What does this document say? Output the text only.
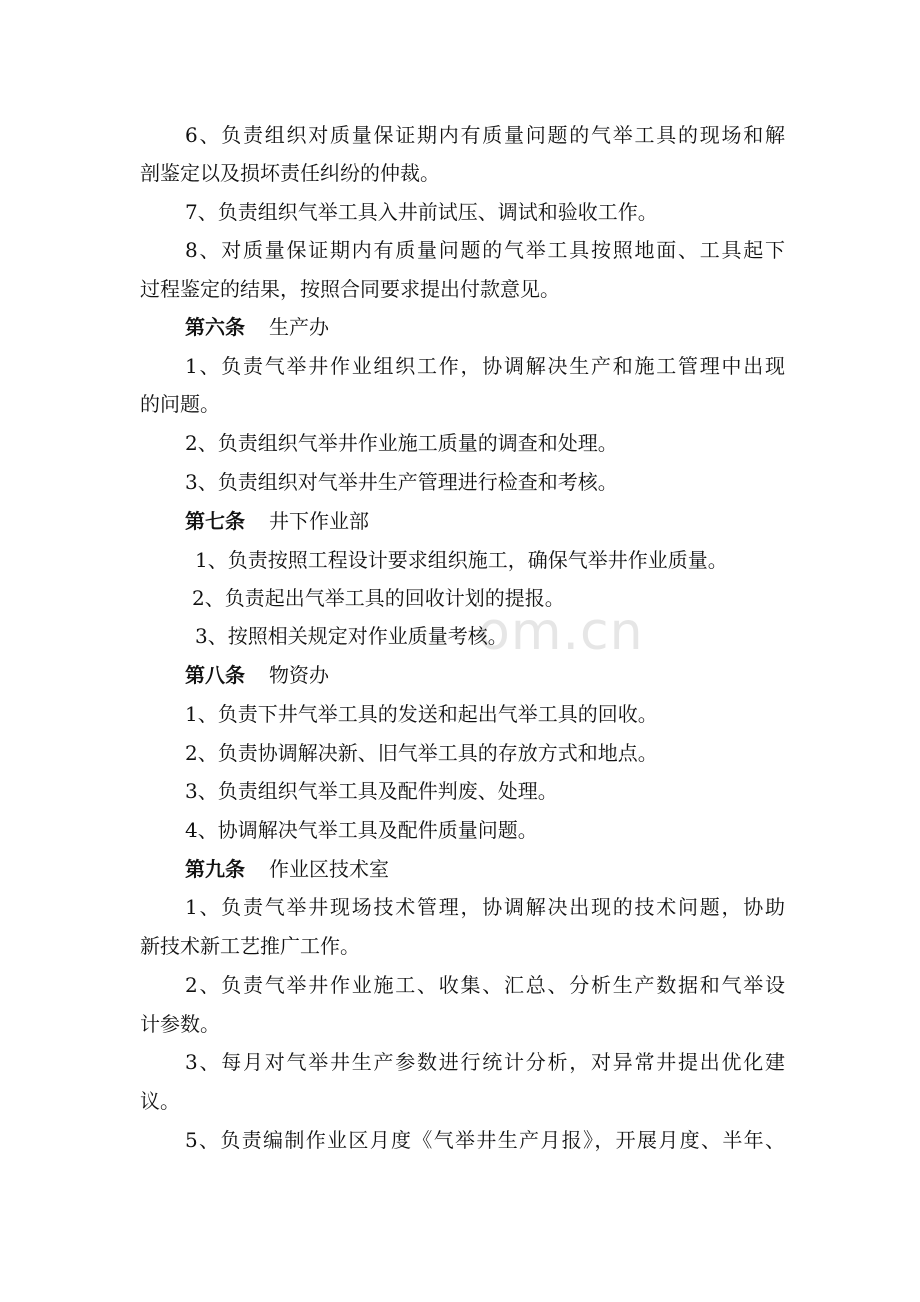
om.cn
6、负责组织对质量保证期内有质量问题的气举工具的现场和解
剖鉴定以及损坏责任纠纷的仲裁。
7、负责组织气举工具入井前试压、调试和验收工作。
8、对质量保证期内有质量问题的气举工具按照地面、工具起下
过程鉴定的结果，按照合同要求提出付款意见。
第六条 生产办
1、负责气举井作业组织工作，协调解决生产和施工管理中出现
的问题。
2、负责组织气举井作业施工质量的调查和处理。
3、负责组织对气举井生产管理进行检查和考核。
第七条 井下作业部
1、负责按照工程设计要求组织施工，确保气举井作业质量。
2、负责起出气举工具的回收计划的提报。
3、按照相关规定对作业质量考核。
第八条 物资办
1、负责下井气举工具的发送和起出气举工具的回收。
2、负责协调解决新、旧气举工具的存放方式和地点。
3、负责组织气举工具及配件判废、处理。
4、协调解决气举工具及配件质量问题。
第九条 作业区技术室
1、负责气举井现场技术管理，协调解决出现的技术问题，协助
新技术新工艺推广工作。
2、负责气举井作业施工、收集、汇总、分析生产数据和气举设
计参数。
3、每月对气举井生产参数进行统计分析，对异常井提出优化建
议。
5、负责编制作业区月度《气举井生产月报》，开展月度、半年、
